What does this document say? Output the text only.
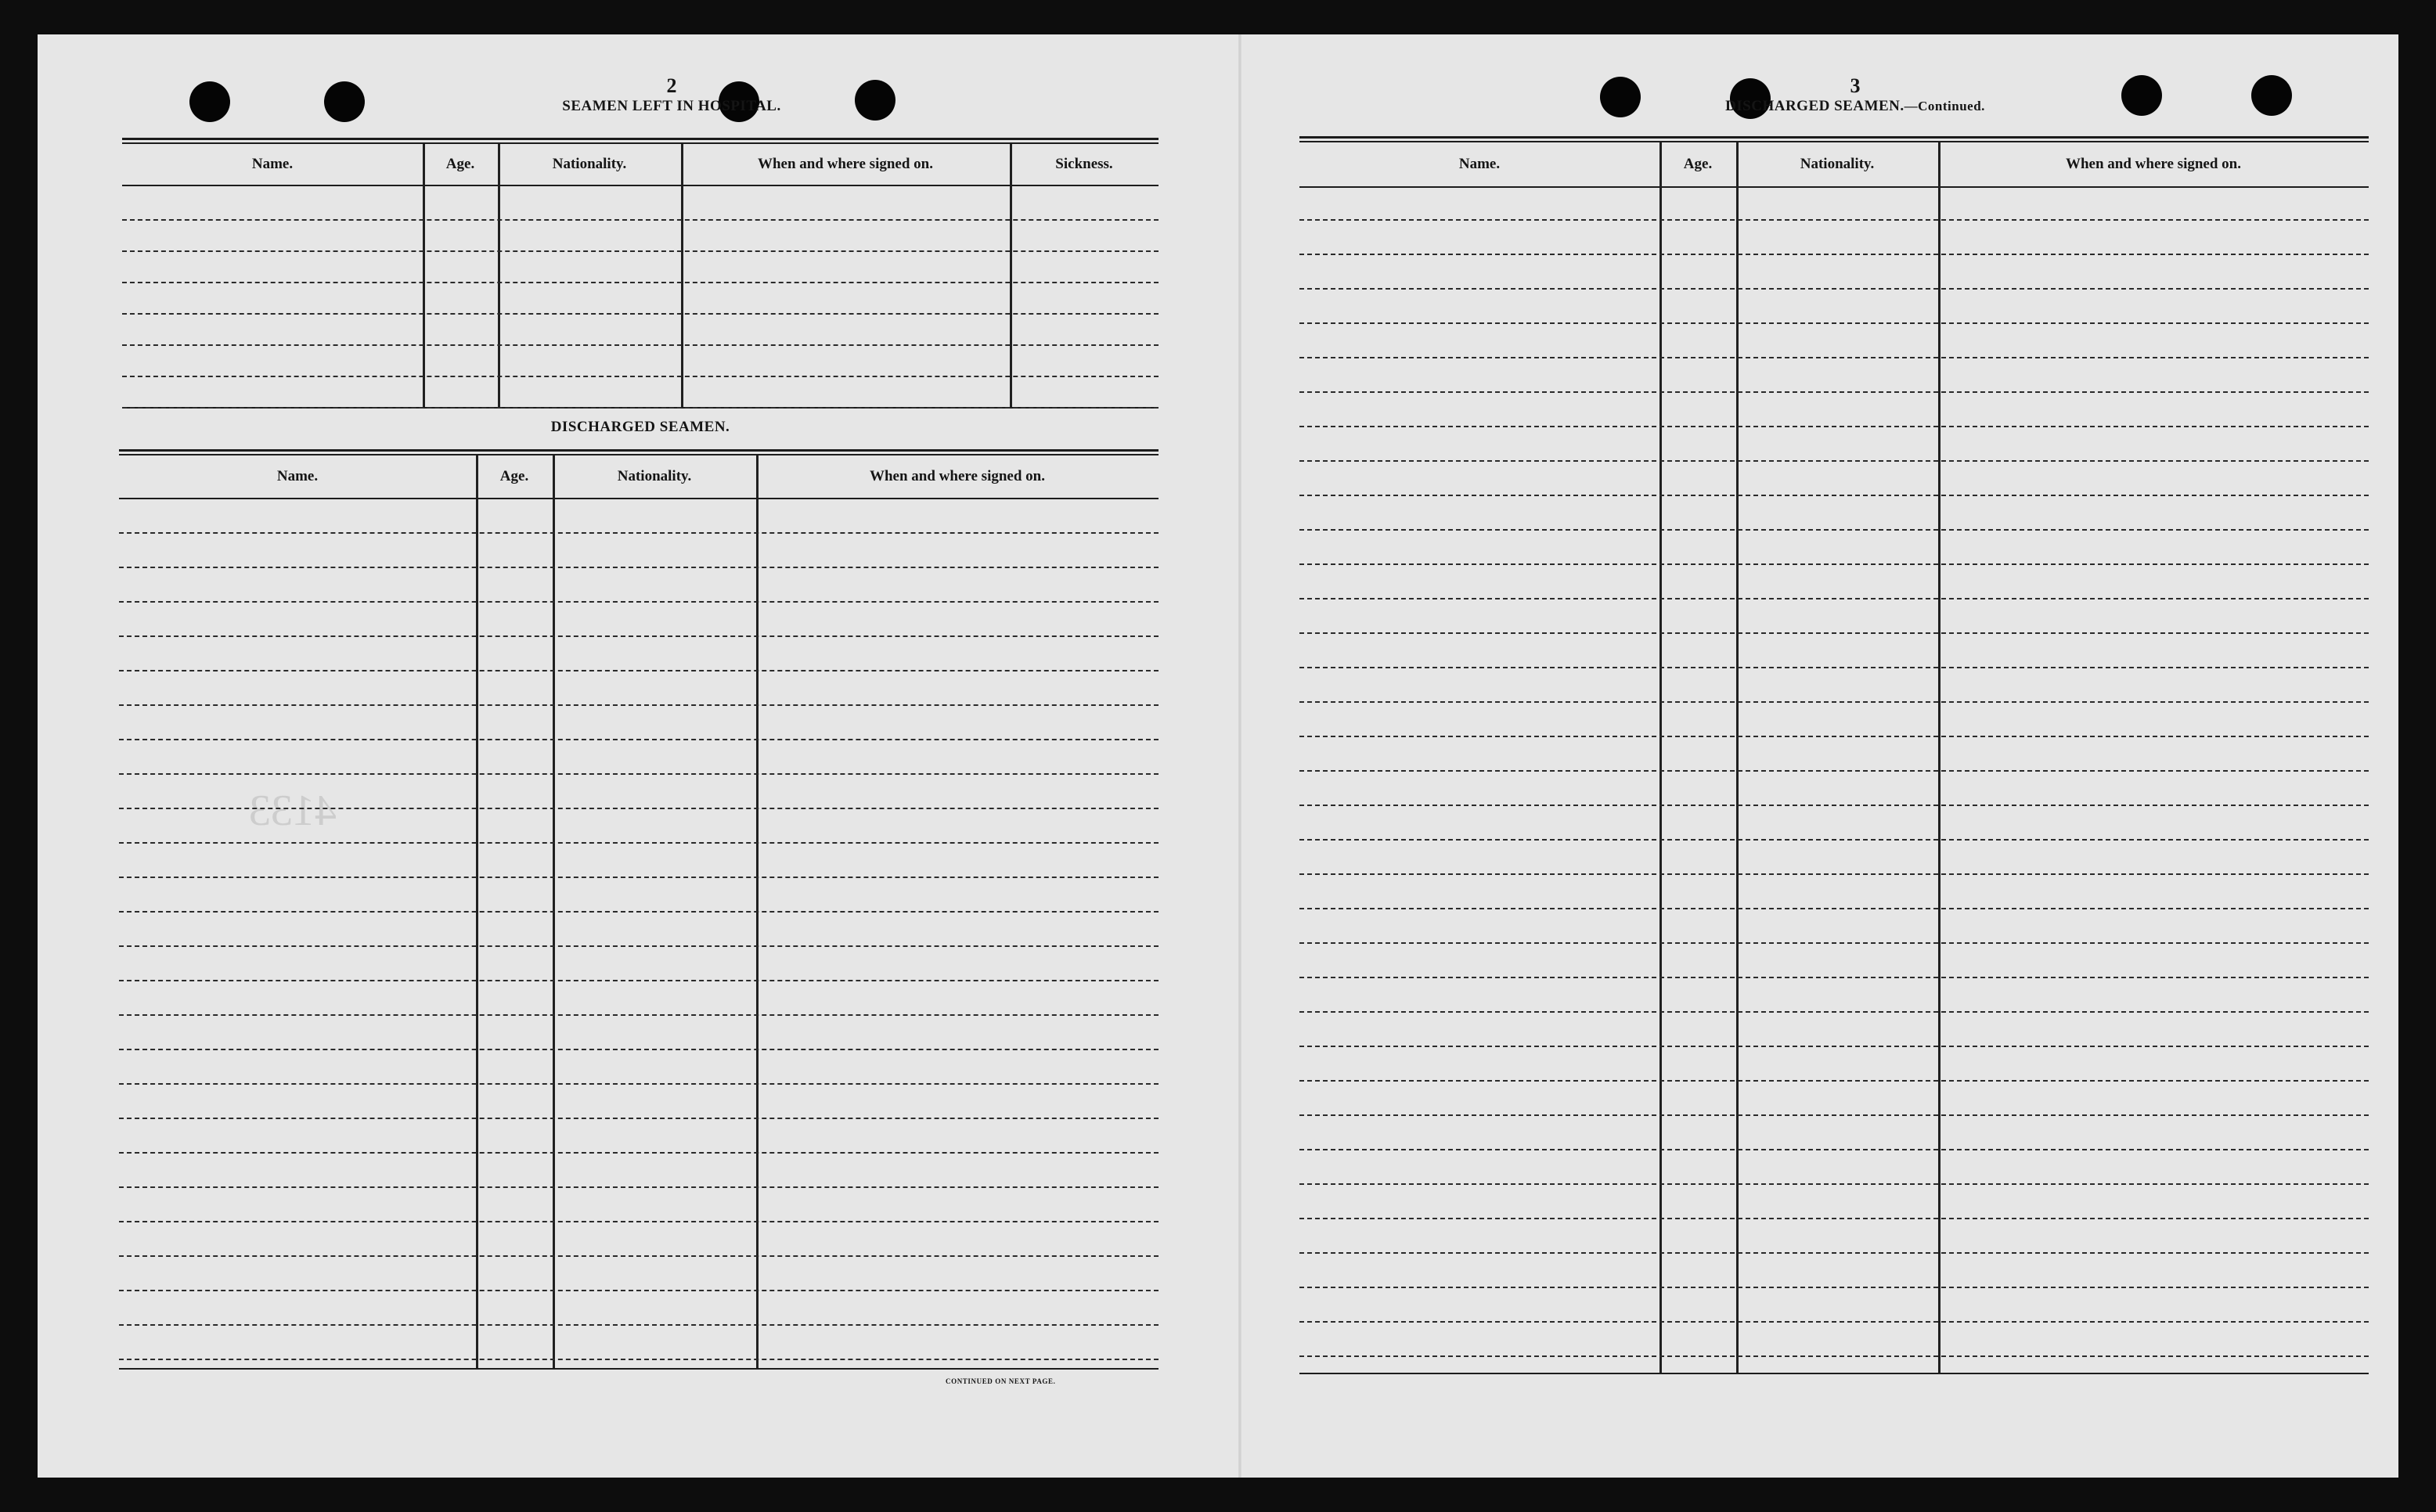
4133
2
SEAMEN LEFT IN HOSPITAL.
Name.	Age.	Nationality.	When and where signed on.	Sickness.
DISCHARGED SEAMEN.
Name.	Age.	Nationality.	When and where signed on.
CONTINUED ON NEXT PAGE.
3
DISCHARGED SEAMEN.—Continued.
Name.	Age.	Nationality.	When and where signed on.
